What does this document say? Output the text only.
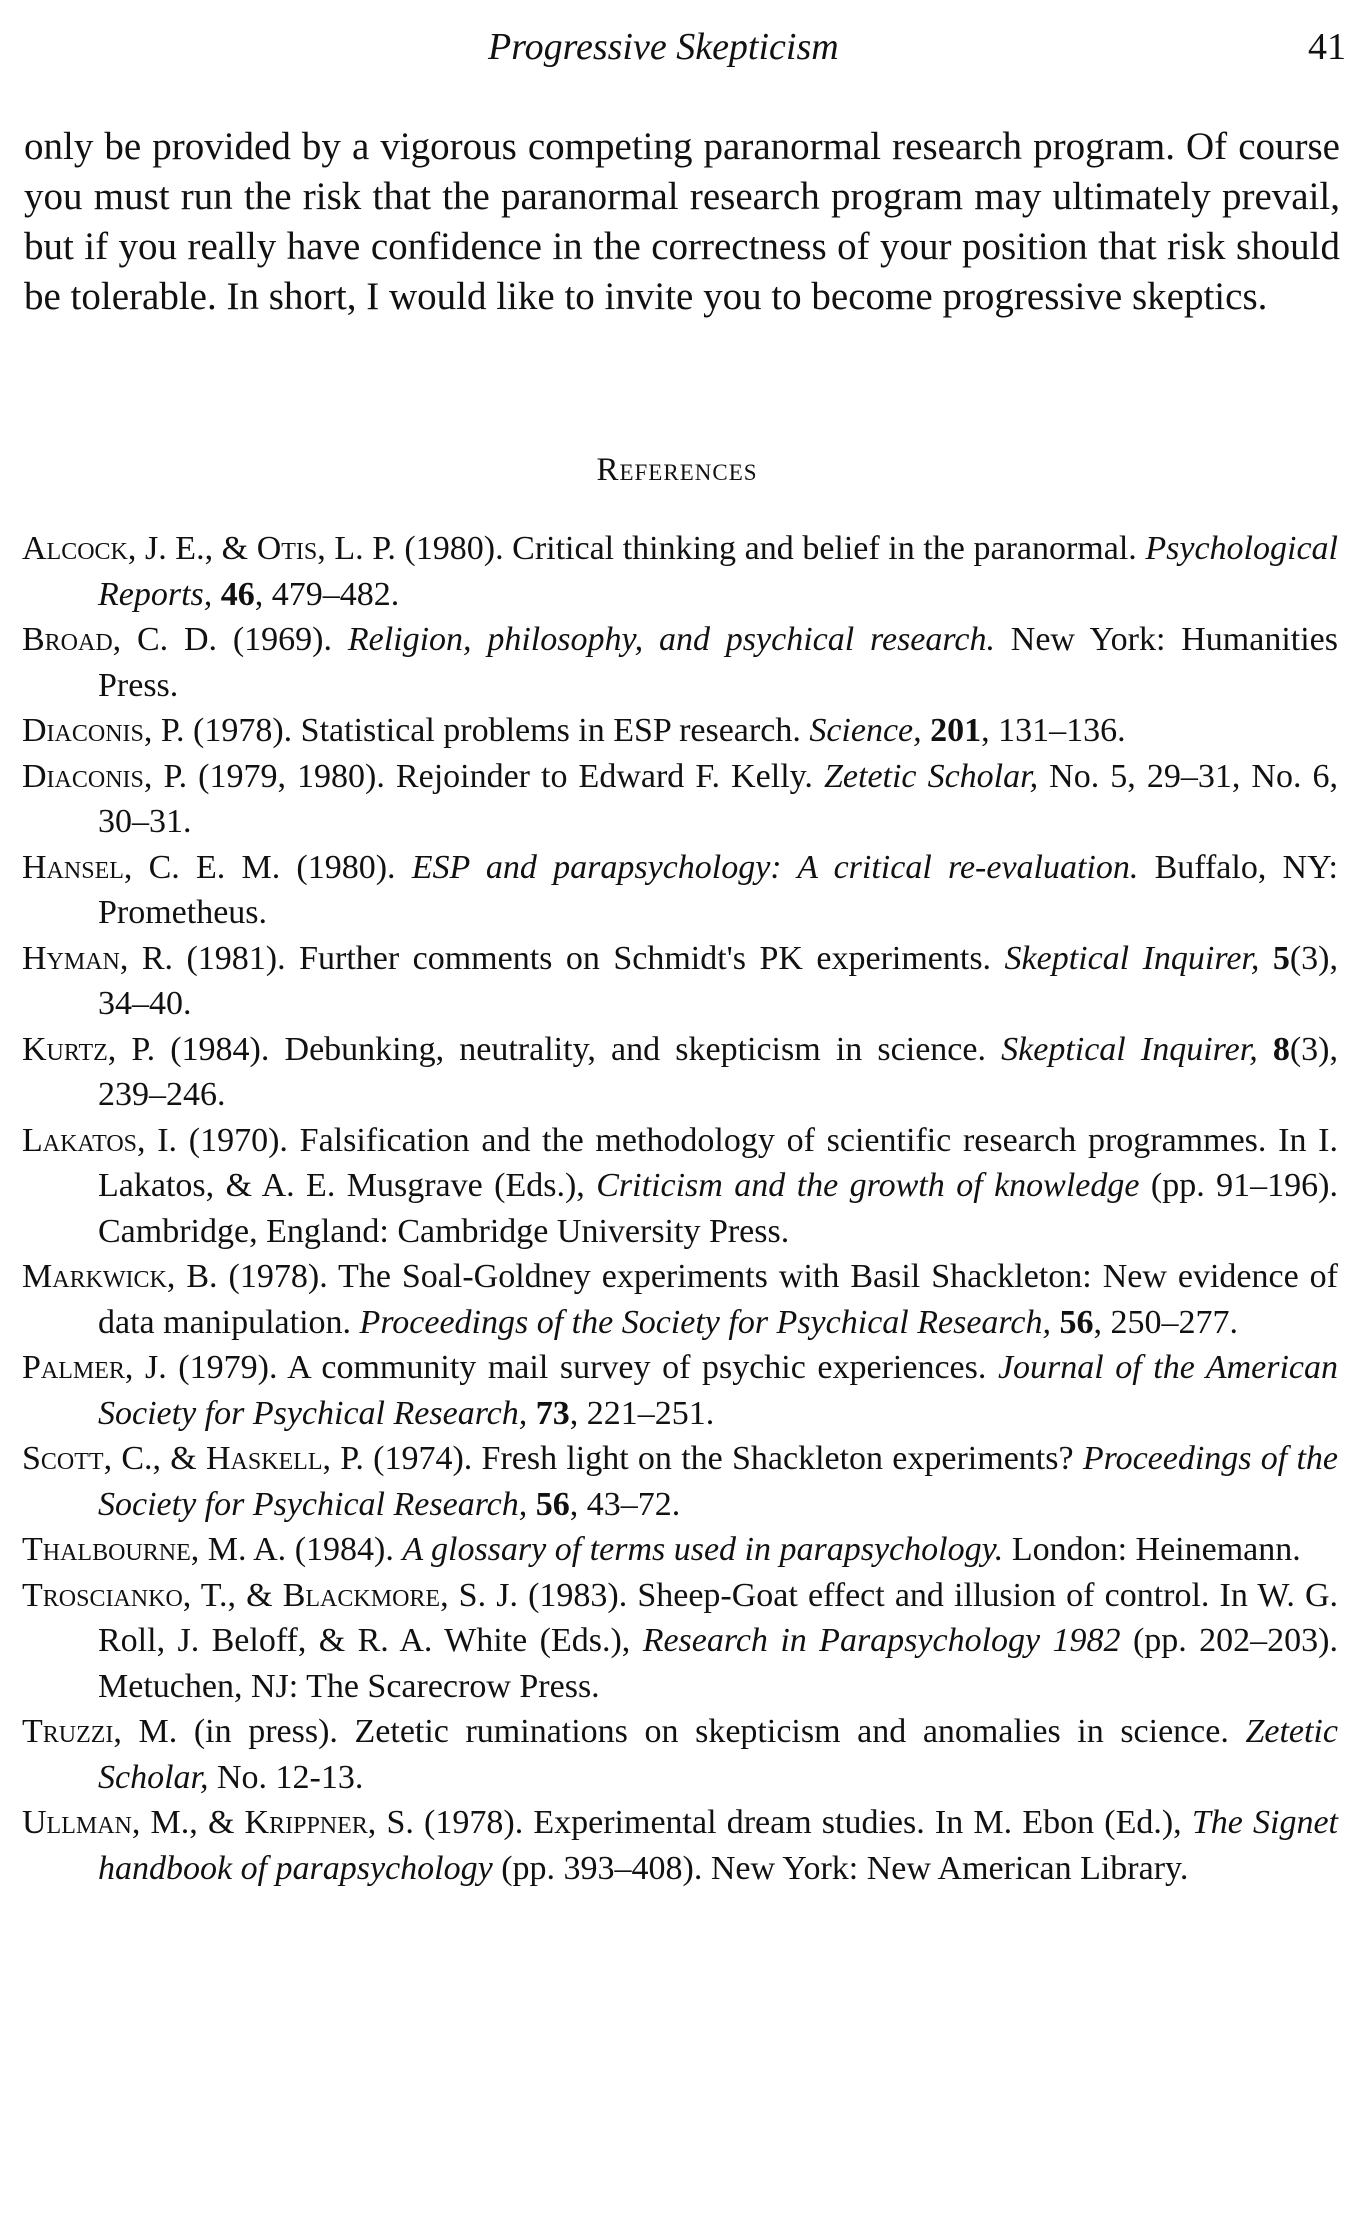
Progressive Skepticism	41

only be provided by a vigorous competing paranormal research program. Of course you must run the risk that the paranormal research program may ultimately prevail, but if you really have confidence in the correctness of your position that risk should be tolerable. In short, I would like to invite you to become progressive skeptics.

References
Alcock, J. E., & Otis, L. P. (1980). Critical thinking and belief in the paranormal. Psychological Reports, 46, 479–482.
Broad, C. D. (1969). Religion, philosophy, and psychical research. New York: Humanities Press.
Diaconis, P. (1978). Statistical problems in ESP research. Science, 201, 131–136.
Diaconis, P. (1979, 1980). Rejoinder to Edward F. Kelly. Zetetic Scholar, No. 5, 29–31, No. 6, 30–31.
Hansel, C. E. M. (1980). ESP and parapsychology: A critical re-evaluation. Buffalo, NY: Prometheus.
Hyman, R. (1981). Further comments on Schmidt's PK experiments. Skeptical Inquirer, 5(3), 34–40.
Kurtz, P. (1984). Debunking, neutrality, and skepticism in science. Skeptical Inquirer, 8(3), 239–246.
Lakatos, I. (1970). Falsification and the methodology of scientific research programmes. In I. Lakatos, & A. E. Musgrave (Eds.), Criticism and the growth of knowledge (pp. 91–196). Cambridge, England: Cambridge University Press.
Markwick, B. (1978). The Soal-Goldney experiments with Basil Shackleton: New evidence of data manipulation. Proceedings of the Society for Psychical Research, 56, 250–277.
Palmer, J. (1979). A community mail survey of psychic experiences. Journal of the American Society for Psychical Research, 73, 221–251.
Scott, C., & Haskell, P. (1974). Fresh light on the Shackleton experiments? Proceedings of the Society for Psychical Research, 56, 43–72.
Thalbourne, M. A. (1984). A glossary of terms used in parapsychology. London: Heinemann.
Troscianko, T., & Blackmore, S. J. (1983). Sheep-Goat effect and illusion of control. In W. G. Roll, J. Beloff, & R. A. White (Eds.), Research in Parapsychology 1982 (pp. 202–203). Metuchen, NJ: The Scarecrow Press.
Truzzi, M. (in press). Zetetic ruminations on skepticism and anomalies in science. Zetetic Scholar, No. 12-13.
Ullman, M., & Krippner, S. (1978). Experimental dream studies. In M. Ebon (Ed.), The Signet handbook of parapsychology (pp. 393–408). New York: New American Library.
